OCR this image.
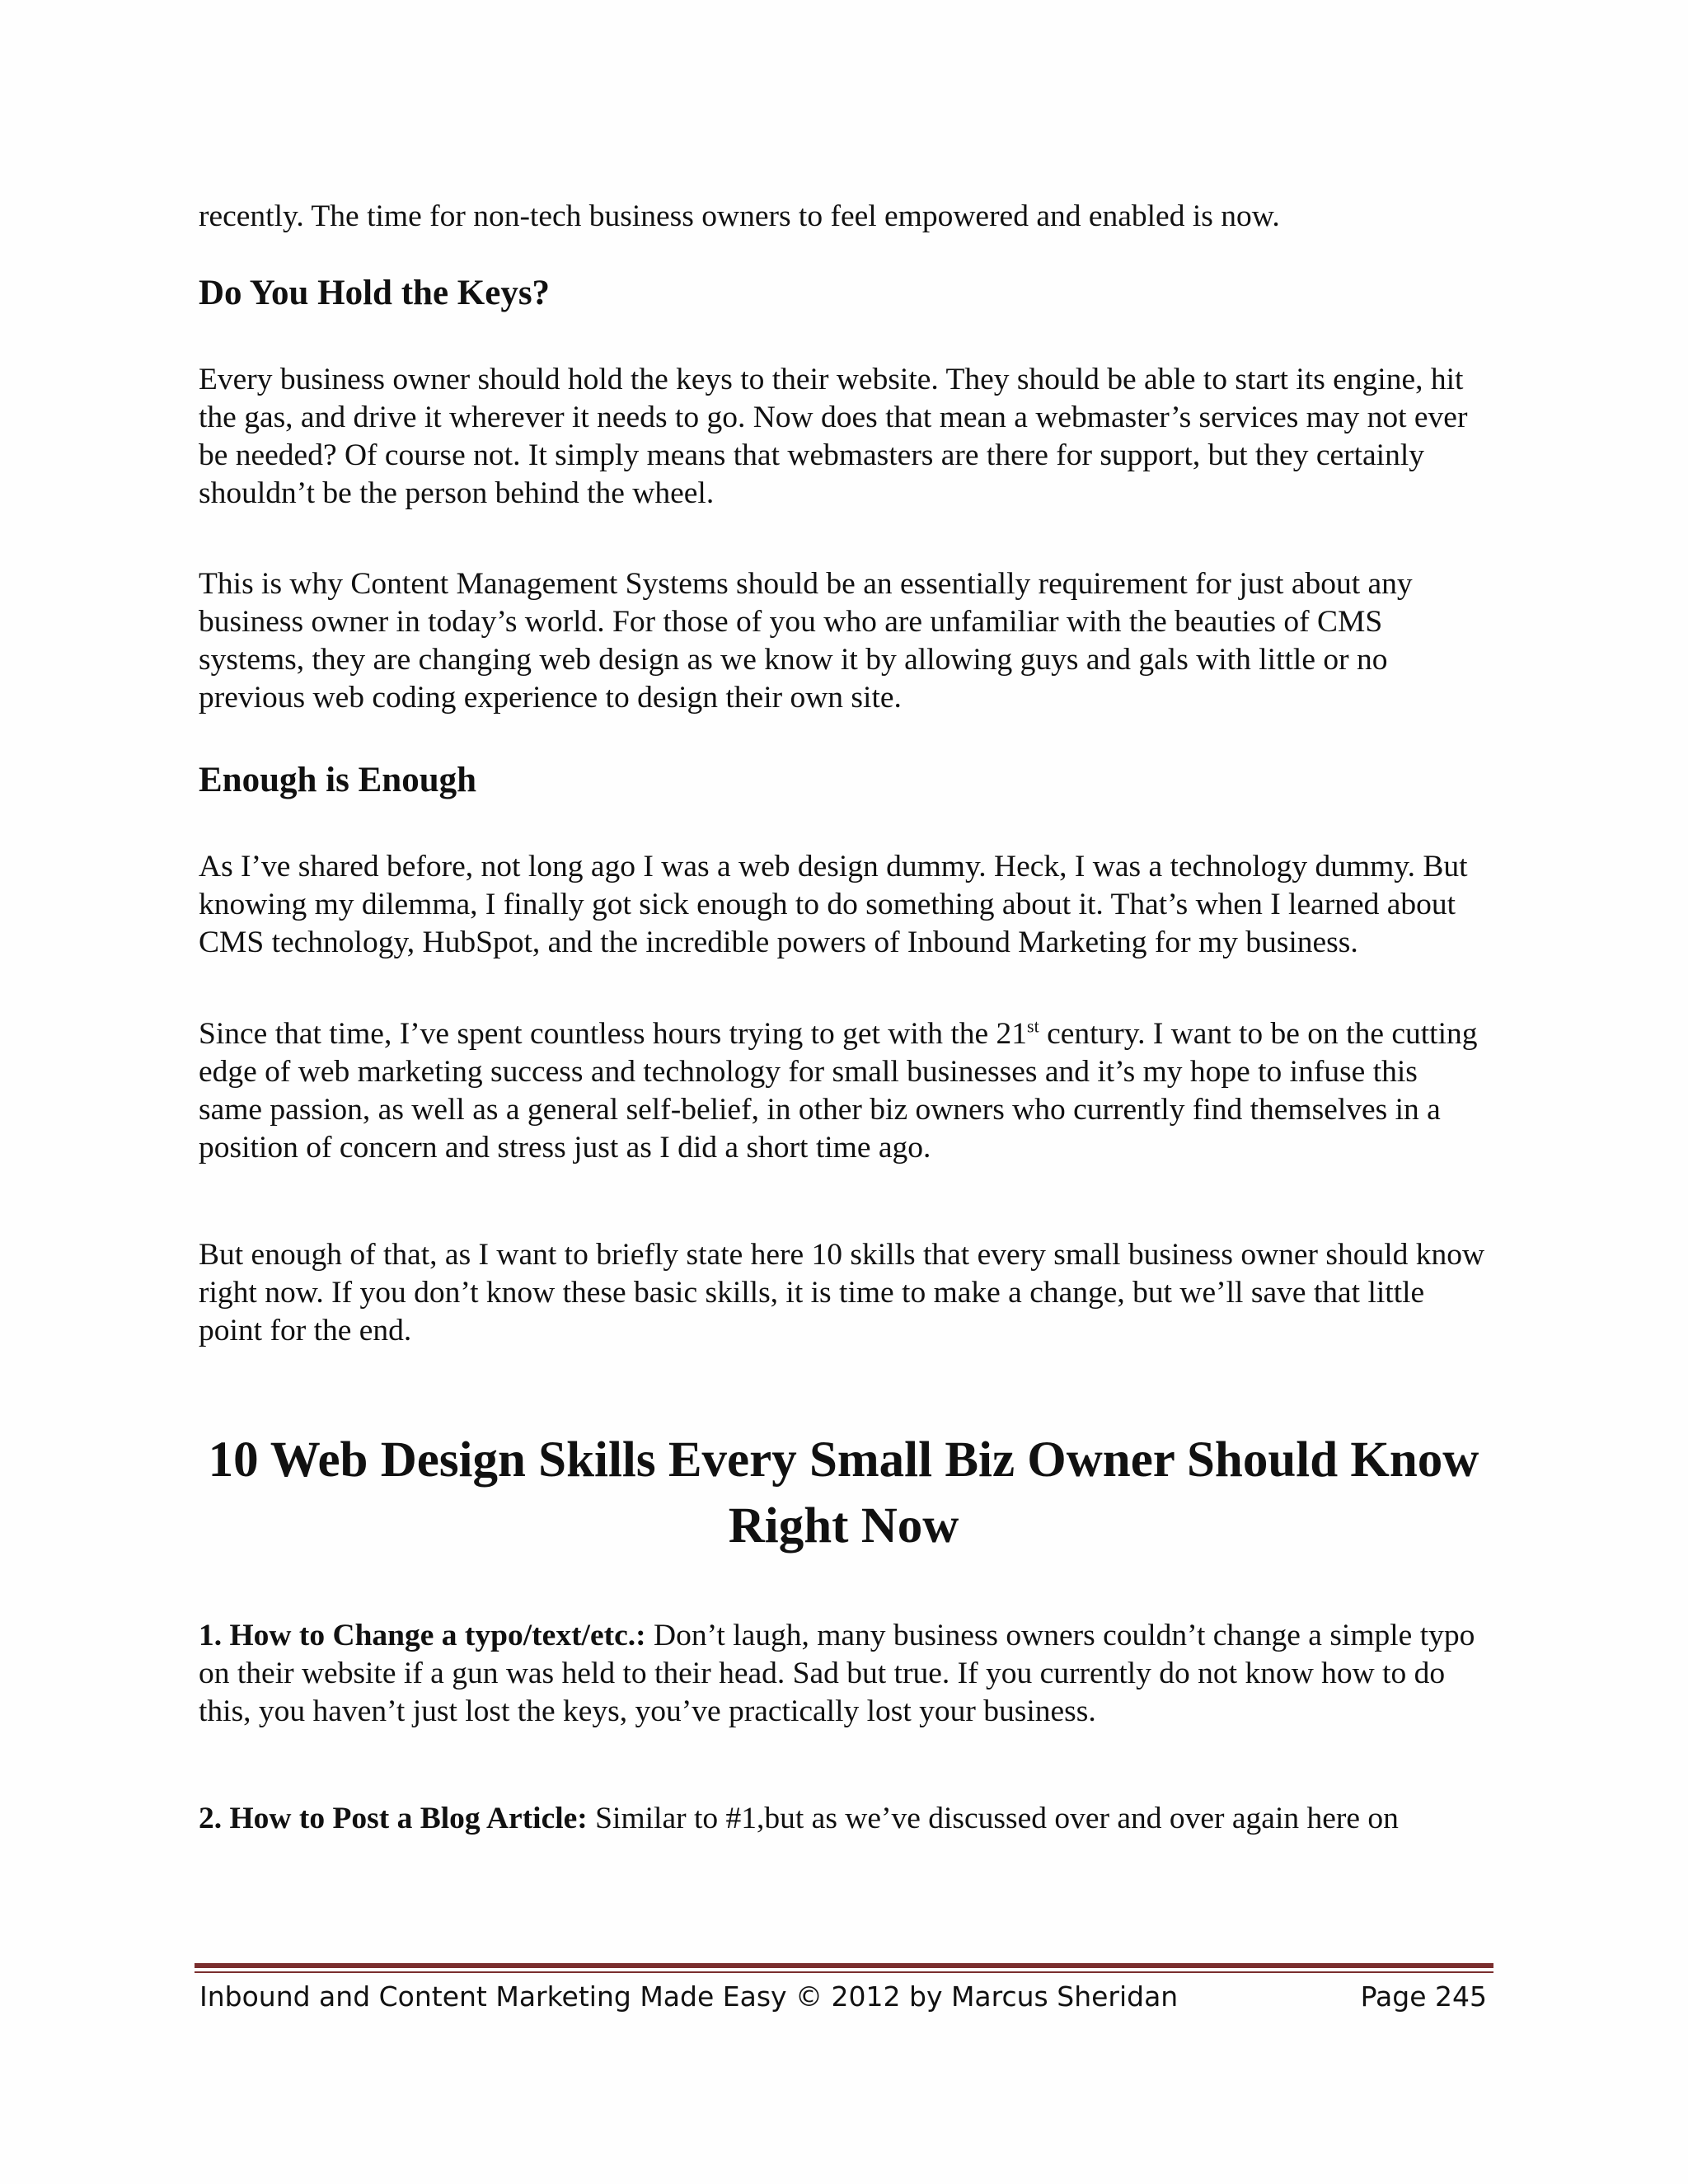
recently. The time for non-tech business owners to feel empowered and enabled is now.

Do You Hold the Keys?

Every business owner should hold the keys to their website. They should be able to start its engine, hit the gas, and drive it wherever it needs to go. Now does that mean a webmaster’s services may not ever be needed? Of course not. It simply means that webmasters are there for support, but they certainly shouldn’t be the person behind the wheel.

This is why Content Management Systems should be an essentially requirement for just about any business owner in today’s world. For those of you who are unfamiliar with the beauties of CMS systems, they are changing web design as we know it by allowing guys and gals with little or no previous web coding experience to design their own site.

Enough is Enough

As I’ve shared before, not long ago I was a web design dummy. Heck, I was a technology dummy. But knowing my dilemma, I finally got sick enough to do something about it. That’s when I learned about CMS technology, HubSpot, and the incredible powers of Inbound Marketing for my business.

Since that time, I’ve spent countless hours trying to get with the 21st century. I want to be on the cutting edge of web marketing success and technology for small businesses and it’s my hope to infuse this same passion, as well as a general self-belief, in other biz owners who currently find themselves in a position of concern and stress just as I did a short time ago.

But enough of that, as I want to briefly state here 10 skills that every small business owner should know right now. If you don’t know these basic skills, it is time to make a change, but we’ll save that little point for the end.

10 Web Design Skills Every Small Biz Owner Should Know Right Now

1. How to Change a typo/text/etc.: Don’t laugh, many business owners couldn’t change a simple typo on their website if a gun was held to their head. Sad but true. If you currently do not know how to do this, you haven’t just lost the keys, you’ve practically lost your business.

2. How to Post a Blog Article: Similar to #1,but as we’ve discussed over and over again here on

Inbound and Content Marketing Made Easy © 2012 by Marcus Sheridan	Page 245
